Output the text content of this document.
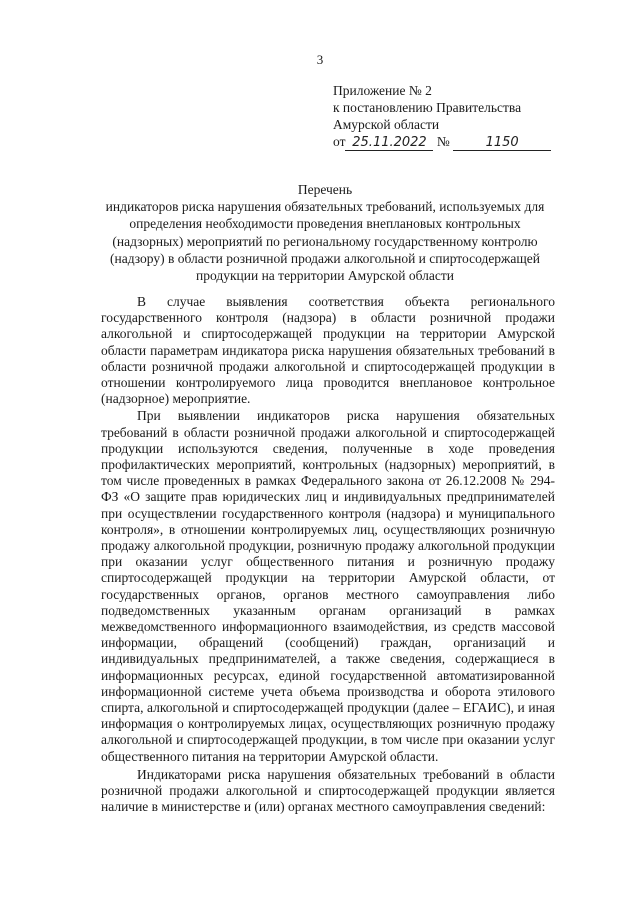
3
Приложение № 2
к постановлению Правительства
Амурской области
от 25.11.2022 №	1150
Перечень
индикаторов риска нарушения обязательных требований, используемых для
определения необходимости проведения внеплановых контрольных
(надзорных) мероприятий по региональному государственному контролю
(надзору) в области розничной продажи алкогольной и спиртосодержащей
продукции на территории Амурской области

В случае выявления соответствия объекта регионального государственного контроля (надзора) в области розничной продажи алкогольной и спиртосодержащей продукции на территории Амурской области параметрам индикатора риска нарушения обязательных требований в области розничной продажи алкогольной и спиртосодержащей продукции в отношении контролируемого лица проводится внеплановое контрольное (надзорное) мероприятие.

При выявлении индикаторов риска нарушения обязательных требований в области розничной продажи алкогольной и спиртосодержащей продукции используются сведения, полученные в ходе проведения профилактических мероприятий, контрольных (надзорных) мероприятий, в том числе проведенных в рамках Федерального закона от 26.12.2008 № 294-ФЗ «О защите прав юридических лиц и индивидуальных предпринимателей при осуществлении государственного контроля (надзора) и муниципального контроля», в отношении контролируемых лиц, осуществляющих розничную продажу алкогольной продукции, розничную продажу алкогольной продукции при оказании услуг общественного питания и розничную продажу спиртосодержащей продукции на территории Амурской области, от государственных органов, органов местного самоуправления либо подведомственных указанным органам организаций в рамках межведомственного информационного взаимодействия, из средств массовой информации, обращений (сообщений) граждан, организаций и индивидуальных предпринимателей, а также сведения, содержащиеся в информационных ресурсах, единой государственной автоматизированной информационной системе учета объема производства и оборота этилового спирта, алкогольной и спиртосодержащей продукции (далее – ЕГАИС), и иная информация о контролируемых лицах, осуществляющих розничную продажу алкогольной и спиртосодержащей продукции, в том числе при оказании услуг общественного питания на территории Амурской области.

Индикаторами риска нарушения обязательных требований в области розничной продажи алкогольной и спиртосодержащей продукции является наличие в министерстве и (или) органах местного самоуправления сведений:
